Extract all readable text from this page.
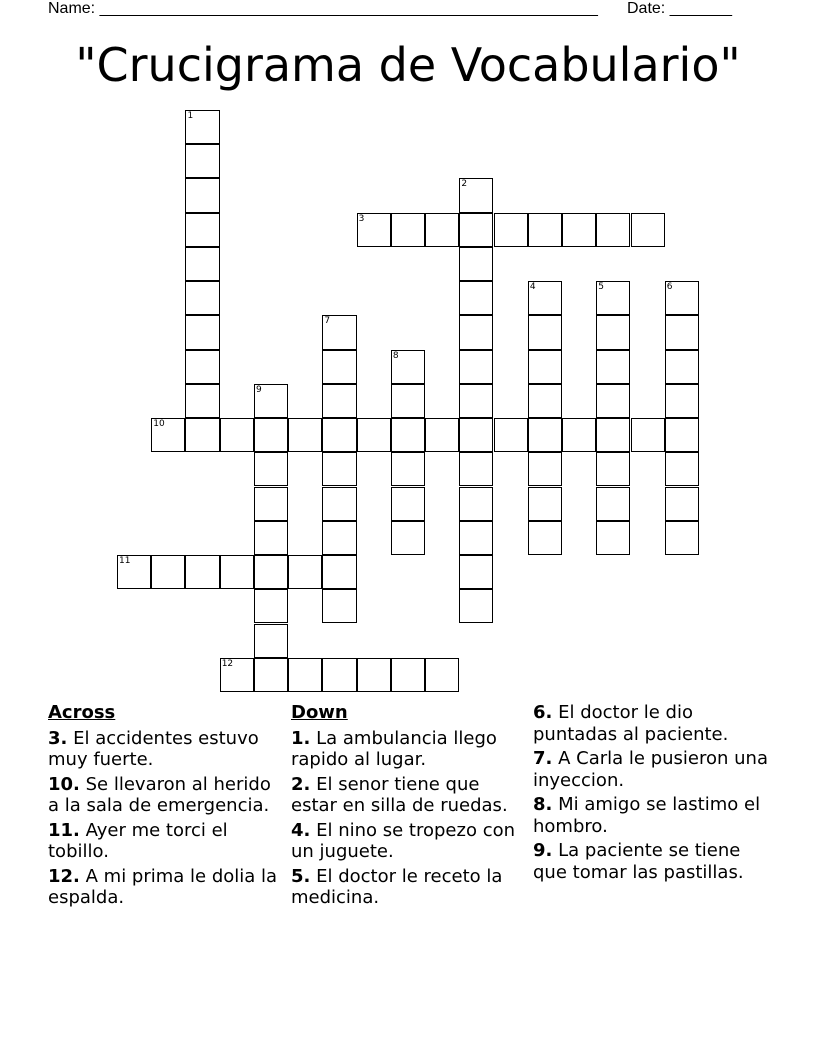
Name: ________________________________________________________ Date: _______
"Crucigrama de Vocabulario"
1
2
3
4	5	6
7
8
9
10
11
12
Across
3. El accidentes estuvo muy fuerte.
10. Se llevaron al herido a la sala de emergencia.
11. Ayer me torci el tobillo.
12. A mi prima le dolia la espalda.
Down
1. La ambulancia llego rapido al lugar.
2. El senor tiene que estar en silla de ruedas.
4. El nino se tropezo con un juguete.
5. El doctor le receto la medicina.
6. El doctor le dio puntadas al paciente.
7. A Carla le pusieron una inyeccion.
8. Mi amigo se lastimo el hombro.
9. La paciente se tiene que tomar las pastillas.
